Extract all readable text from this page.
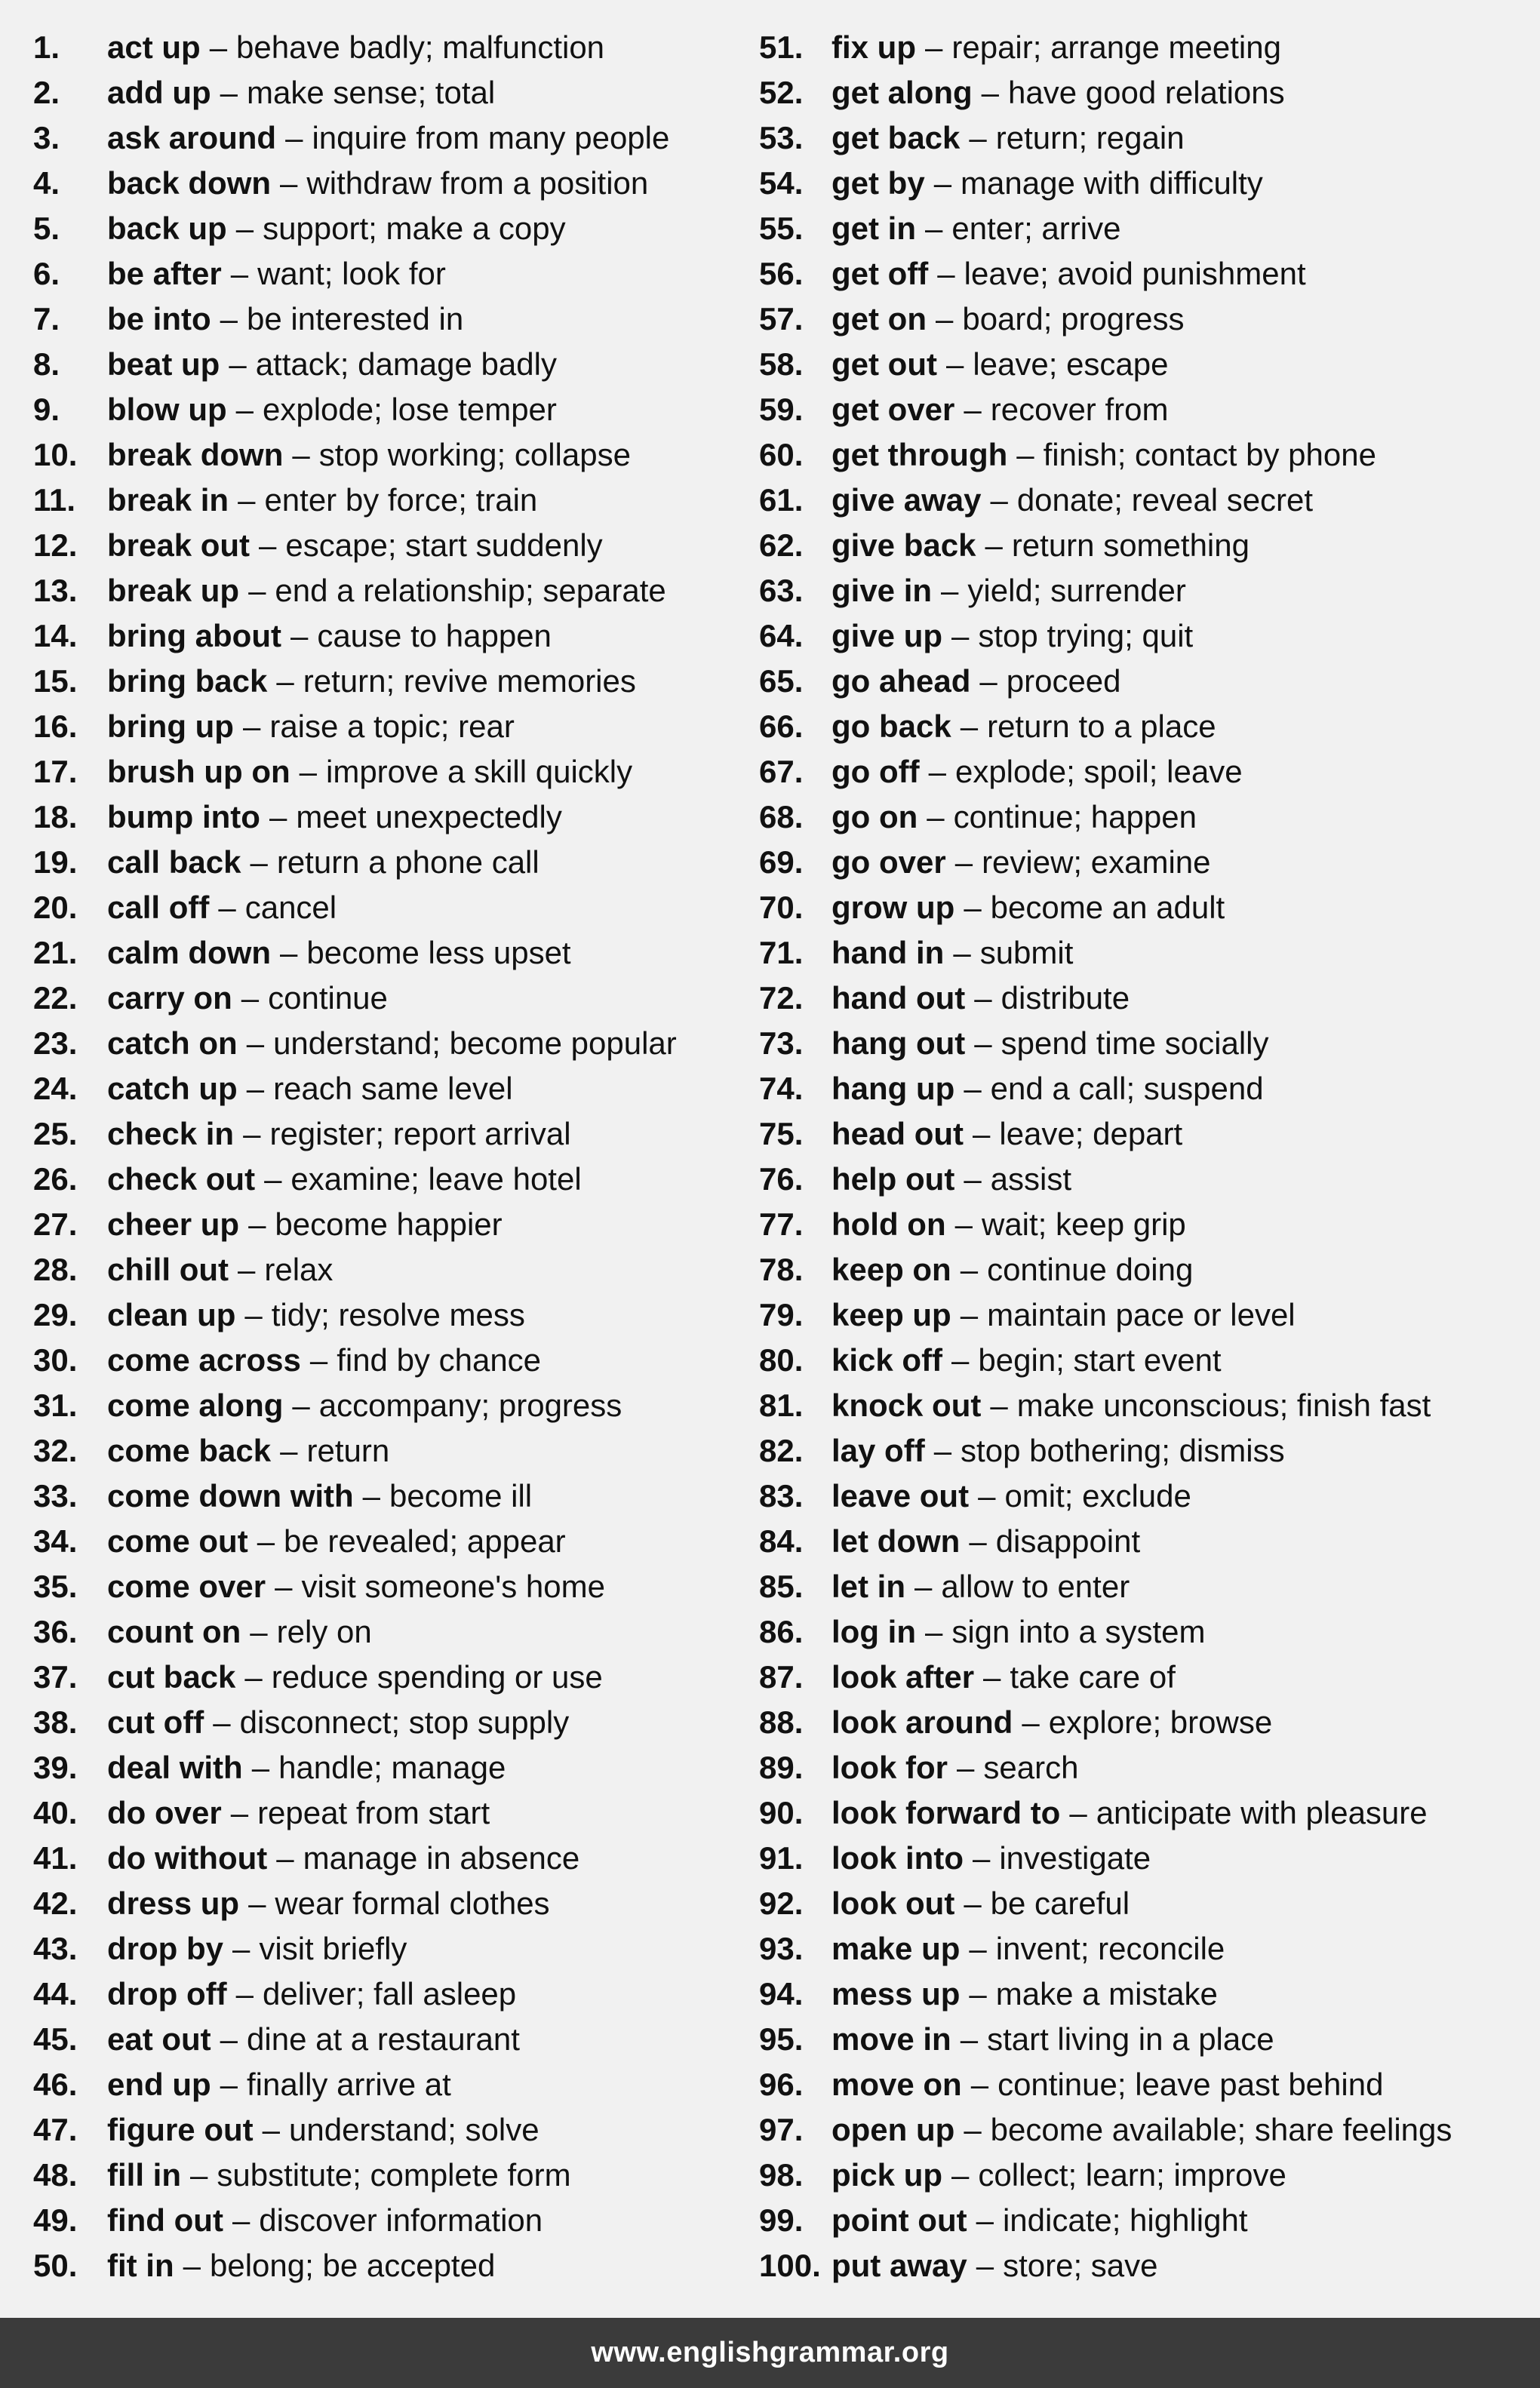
1.	act up – behave badly; malfunction
2.	add up – make sense; total
3.	ask around – inquire from many people
4.	back down – withdraw from a position
5.	back up – support; make a copy
6.	be after – want; look for
7.	be into – be interested in
8.	beat up – attack; damage badly
9.	blow up – explode; lose temper
10. break down – stop working; collapse
11. break in – enter by force; train
12. break out – escape; start suddenly
13. break up – end a relationship; separate
14. bring about – cause to happen
15. bring back – return; revive memories
16. bring up – raise a topic; rear
17. brush up on – improve a skill quickly
18. bump into – meet unexpectedly
19. call back – return a phone call
20. call off – cancel
21. calm down – become less upset
22. carry on – continue
23. catch on – understand; become popular
24. catch up – reach same level
25. check in – register; report arrival
26. check out – examine; leave hotel
27. cheer up – become happier
28. chill out – relax
29. clean up – tidy; resolve mess
30. come across – find by chance
31. come along – accompany; progress
32. come back – return
33. come down with – become ill
34. come out – be revealed; appear
35. come over – visit someone's home
36. count on – rely on
37. cut back – reduce spending or use
38. cut off – disconnect; stop supply
39. deal with – handle; manage
40. do over – repeat from start
41. do without – manage in absence
42. dress up – wear formal clothes
43. drop by – visit briefly
44. drop off – deliver; fall asleep
45. eat out – dine at a restaurant
46. end up – finally arrive at
47. figure out – understand; solve
48. fill in – substitute; complete form
49. find out – discover information
50. fit in – belong; be accepted
51. fix up – repair; arrange meeting
52. get along – have good relations
53. get back – return; regain
54. get by – manage with difficulty
55. get in – enter; arrive
56. get off – leave; avoid punishment
57. get on – board; progress
58. get out – leave; escape
59. get over – recover from
60. get through – finish; contact by phone
61. give away – donate; reveal secret
62. give back – return something
63. give in – yield; surrender
64. give up – stop trying; quit
65. go ahead – proceed
66. go back – return to a place
67. go off – explode; spoil; leave
68. go on – continue; happen
69. go over – review; examine
70. grow up – become an adult
71. hand in – submit
72. hand out – distribute
73. hang out – spend time socially
74. hang up – end a call; suspend
75. head out – leave; depart
76. help out – assist
77. hold on – wait; keep grip
78. keep on – continue doing
79. keep up – maintain pace or level
80. kick off – begin; start event
81. knock out – make unconscious; finish fast
82. lay off – stop bothering; dismiss
83. leave out – omit; exclude
84. let down – disappoint
85. let in – allow to enter
86. log in – sign into a system
87. look after – take care of
88. look around – explore; browse
89. look for – search
90. look forward to – anticipate with pleasure
91. look into – investigate
92. look out – be careful
93. make up – invent; reconcile
94. mess up – make a mistake
95. move in – start living in a place
96. move on – continue; leave past behind
97. open up – become available; share feelings
98. pick up – collect; learn; improve
99. point out – indicate; highlight
100. put away – store; save
www.englishgrammar.org
